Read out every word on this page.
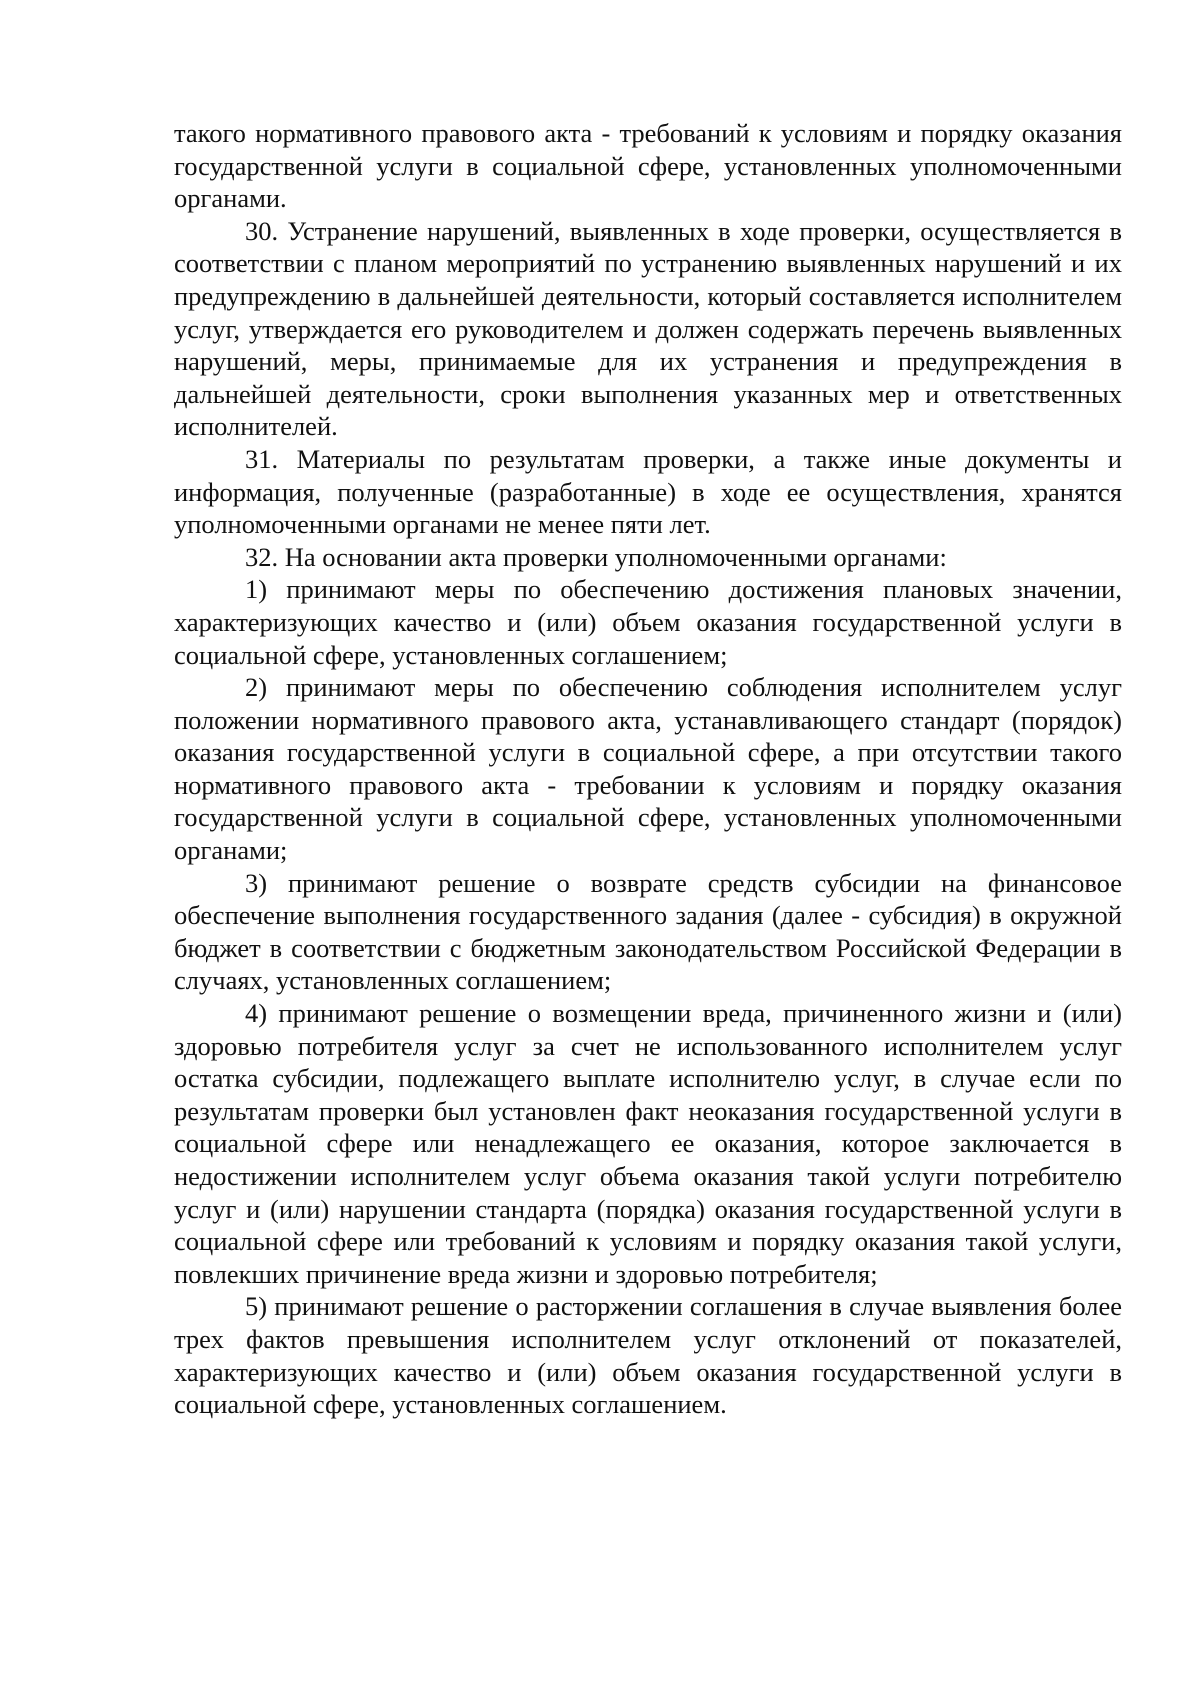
такого нормативного правового акта - требований к условиям и порядку оказания государственной услуги в социальной сфере, установленных уполномоченными органами.

30. Устранение нарушений, выявленных в ходе проверки, осуществляется в соответствии с планом мероприятий по устранению выявленных нарушений и их предупреждению в дальнейшей деятельности, который составляется исполнителем услуг, утверждается его руководителем и должен содержать перечень выявленных нарушений, меры, принимаемые для их устранения и предупреждения в дальнейшей деятельности, сроки выполнения указанных мер и ответственных исполнителей.

31. Материалы по результатам проверки, а также иные документы и информация, полученные (разработанные) в ходе ее осуществления, хранятся уполномоченными органами не менее пяти лет.

32. На основании акта проверки уполномоченными органами:

1) принимают меры по обеспечению достижения плановых значении, характеризующих качество и (или) объем оказания государственной услуги в социальной сфере, установленных соглашением;

2) принимают меры по обеспечению соблюдения исполнителем услуг положении нормативного правового акта, устанавливающего стандарт (порядок) оказания государственной услуги в социальной сфере, а при отсутствии такого нормативного правового акта - требовании к условиям и порядку оказания государственной услуги в социальной сфере, установленных уполномоченными органами;

3) принимают решение о возврате средств субсидии на финансовое обеспечение выполнения государственного задания (далее - субсидия) в окружной бюджет в соответствии с бюджетным законодательством Российской Федерации в случаях, установленных соглашением;

4) принимают решение о возмещении вреда, причиненного жизни и (или) здоровью потребителя услуг за счет не использованного исполнителем услуг остатка субсидии, подлежащего выплате исполнителю услуг, в случае если по результатам проверки был установлен факт неоказания государственной услуги в социальной сфере или ненадлежащего ее оказания, которое заключается в недостижении исполнителем услуг объема оказания такой услуги потребителю услуг и (или) нарушении стандарта (порядка) оказания государственной услуги в социальной сфере или требований к условиям и порядку оказания такой услуги, повлекших причинение вреда жизни и здоровью потребителя;

5) принимают решение о расторжении соглашения в случае выявления более трех фактов превышения исполнителем услуг отклонений от показателей, характеризующих качество и (или) объем оказания государственной услуги в социальной сфере, установленных соглашением.
